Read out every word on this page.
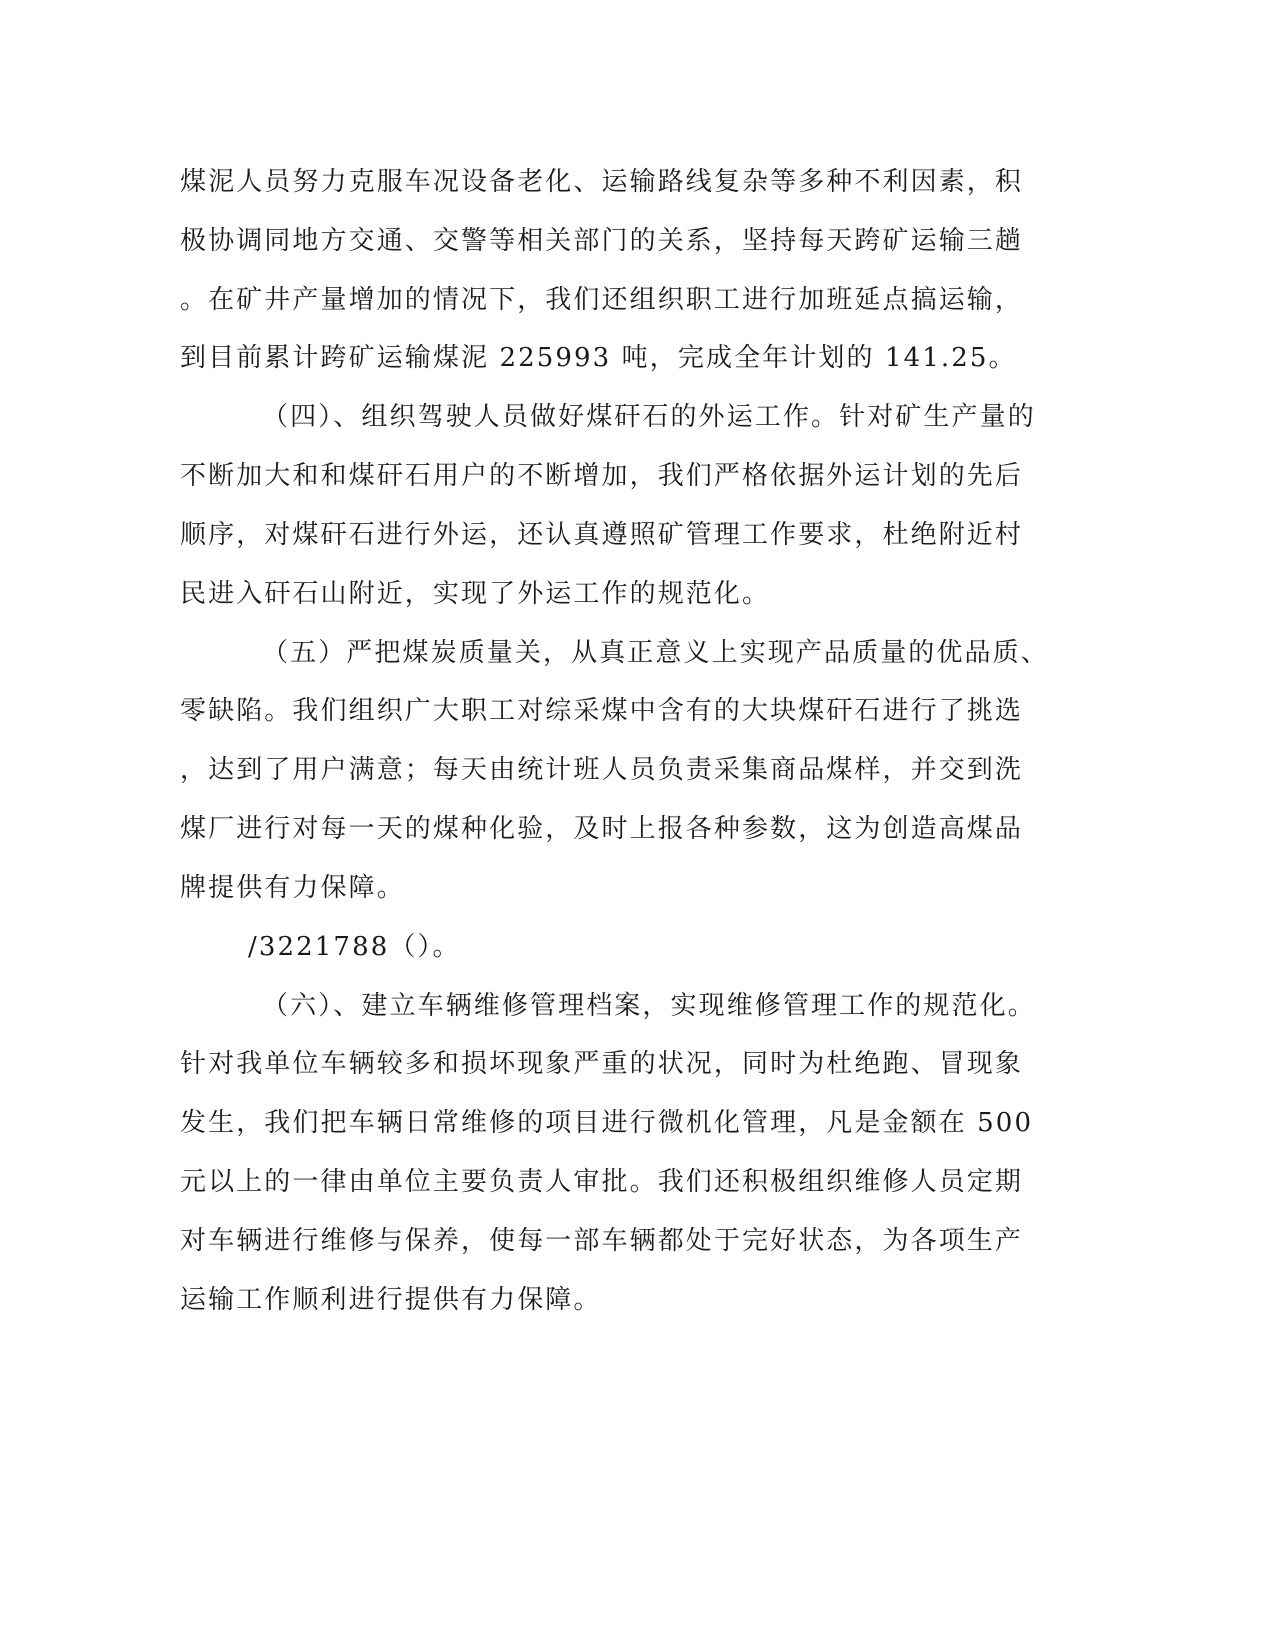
煤泥人员努力克服车况设备老化、运输路线复杂等多种不利因素，积
极协调同地方交通、交警等相关部门的关系，坚持每天跨矿运输三趟
。在矿井产量增加的情况下，我们还组织职工进行加班延点搞运输，
到目前累计跨矿运输煤泥 225993 吨，完成全年计划的 141.25。
（四）、组织驾驶人员做好煤矸石的外运工作。针对矿生产量的
不断加大和和煤矸石用户的不断增加，我们严格依据外运计划的先后
顺序，对煤矸石进行外运，还认真遵照矿管理工作要求，杜绝附近村
民进入矸石山附近，实现了外运工作的规范化。
（五）严把煤炭质量关，从真正意义上实现产品质量的优品质、
零缺陷。我们组织广大职工对综采煤中含有的大块煤矸石进行了挑选
，达到了用户满意；每天由统计班人员负责采集商品煤样，并交到洗
煤厂进行对每一天的煤种化验，及时上报各种参数，这为创造高煤品
牌提供有力保障。
/3221788（）。
（六）、建立车辆维修管理档案，实现维修管理工作的规范化。
针对我单位车辆较多和损坏现象严重的状况，同时为杜绝跑、冒现象
发生，我们把车辆日常维修的项目进行微机化管理，凡是金额在 500
元以上的一律由单位主要负责人审批。我们还积极组织维修人员定期
对车辆进行维修与保养，使每一部车辆都处于完好状态，为各项生产
运输工作顺利进行提供有力保障。
